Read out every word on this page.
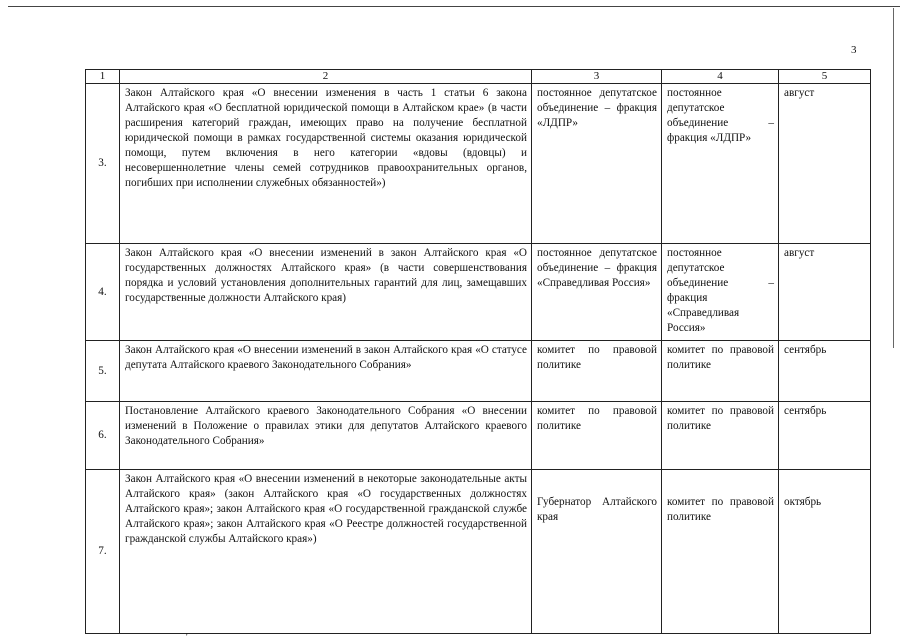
3
1	2	3	4	5
3.	Закон Алтайского края «О внесении изменения в часть 1 статьи 6 закона Алтайского края «О бесплатной юридической помощи в Алтайском крае» (в части расширения категорий граждан, имеющих право на получение бесплатной юридической помощи в рамках государственной системы оказания юридической помощи, путем включения в него категории «вдовы (вдовцы) и несовершеннолетние члены семей сотрудников правоохранительных органов, погибших при исполнении служебных обязанностей»)	постоянное депутатское объединение – фракция «ЛДПР»	постоянное депутатское объединение – фракция «ЛДПР»	август
4.	Закон Алтайского края «О внесении изменений в закон Алтайского края «О государственных должностях Алтайского края» (в части совершенствования порядка и условий установления дополнительных гарантий для лиц, замещавших государственные должности Алтайского края)	постоянное депутатское объединение – фракция «Справедливая Россия»	постоянное депутатское объединение – фракция «Справедливая Россия»	август
5.	Закон Алтайского края «О внесении изменений в закон Алтайского края «О статусе депутата Алтайского краевого Законодательного Собрания»	комитет по правовой политике	комитет по правовой политике	сентябрь
6.	Постановление Алтайского краевого Законодательного Собрания «О внесении изменений в Положение о правилах этики для депутатов Алтайского краевого Законодательного Собрания»	комитет по правовой политике	комитет по правовой политике	сентябрь
7.	Закон Алтайского края «О внесении изменений в некоторые законодательные акты Алтайского края» (закон Алтайского края «О государственных должностях Алтайского края»; закон Алтайского края «О государственной гражданской службе Алтайского края»; закон Алтайского края «О Реестре должностей государственной гражданской службы Алтайского края»)	Губернатор Алтайского края	комитет по правовой политике	октябрь
'
